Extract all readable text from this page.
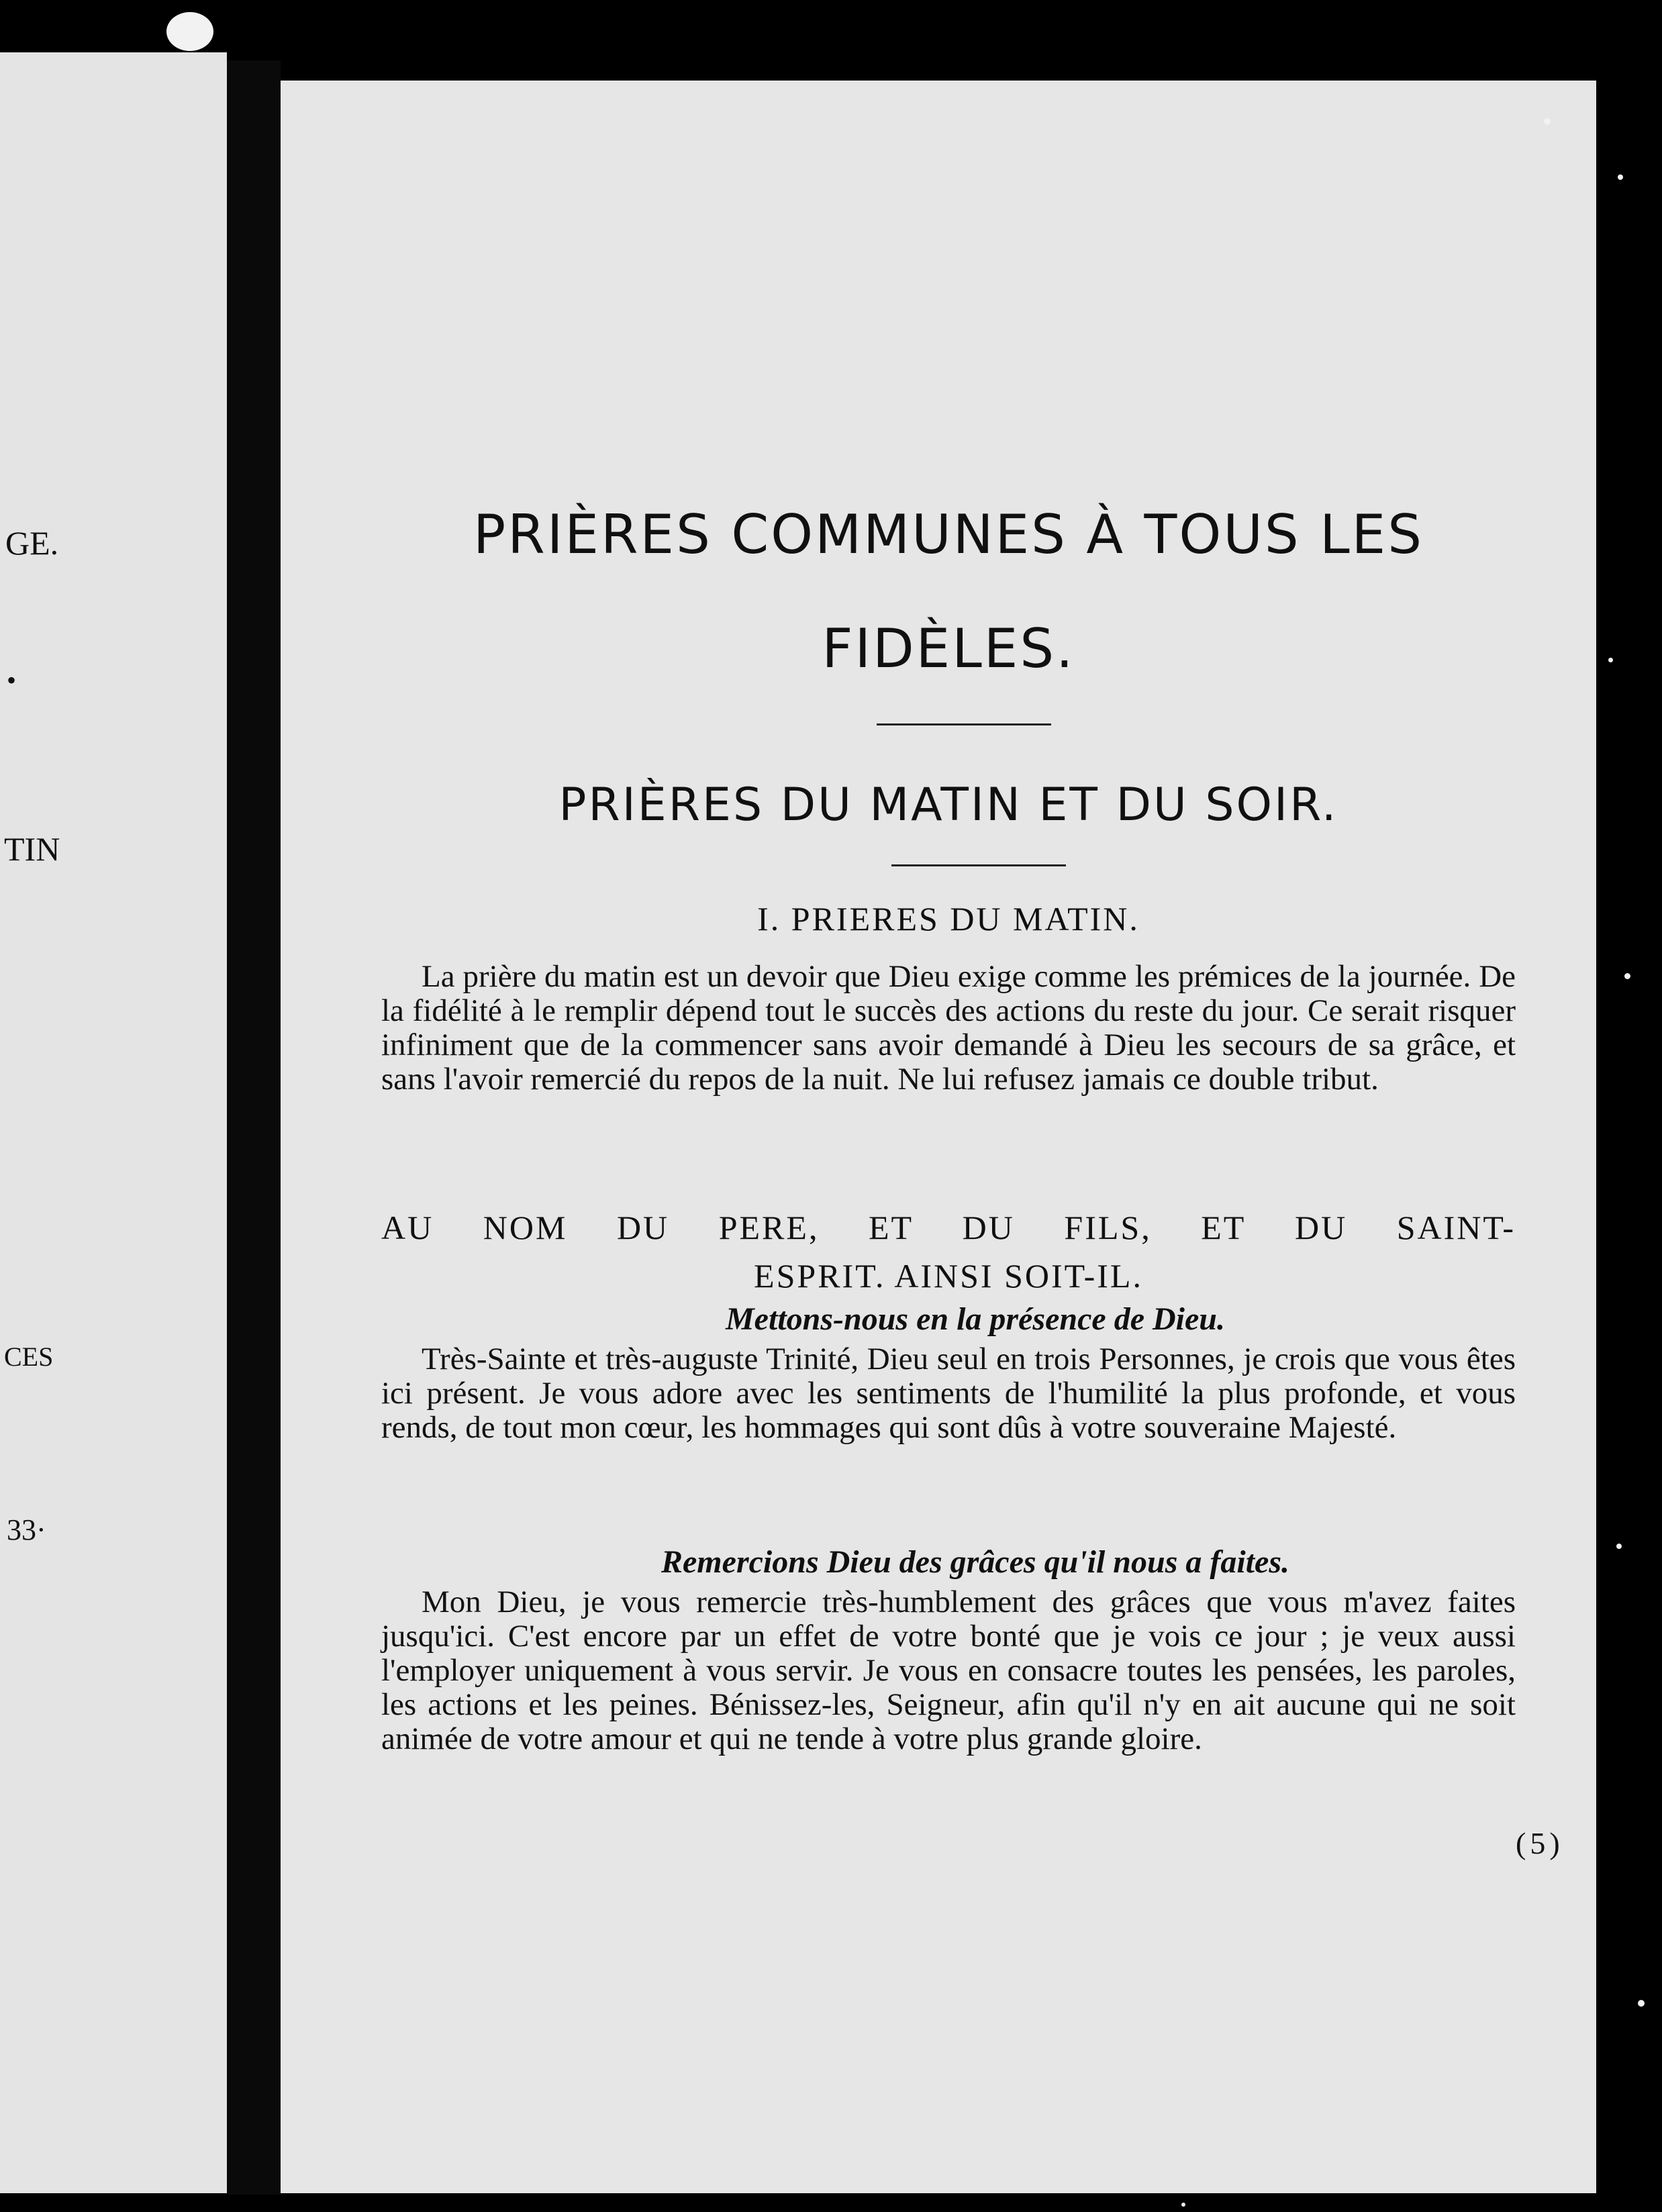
GE.
•
TIN
CES
33·
PRIÈRES COMMUNES À TOUS LES
FIDÈLES.
PRIÈRES DU MATIN ET DU SOIR.
I. PRIERES DU MATIN.

La prière du matin est un devoir que Dieu exige comme les prémices de la journée. De la fidélité à le remplir dépend tout le succès des actions du reste du jour. Ce serait risquer infiniment que de la commencer sans avoir demandé à Dieu les secours de sa grâce, et sans l'avoir remercié du repos de la nuit. Ne lui refusez jamais ce double tribut.

AU NOM DU PERE, ET DU FILS, ET DU SAINT-
ESPRIT. AINSI SOIT-IL.
Mettons-nous en la présence de Dieu.

Très-Sainte et très-auguste Trinité, Dieu seul en trois Personnes, je crois que vous êtes ici présent. Je vous adore avec les sentiments de l'humilité la plus profonde, et vous rends, de tout mon cœur, les hommages qui sont dûs à votre souveraine Majesté.

Remercions Dieu des grâces qu'il nous a faites.

Mon Dieu, je vous remercie très-humblement des grâces que vous m'avez faites jusqu'ici. C'est encore par un effet de votre bonté que je vois ce jour ; je veux aussi l'employer uniquement à vous servir. Je vous en consacre toutes les pensées, les paroles, les actions et les peines. Bénissez-les, Seigneur, afin qu'il n'y en ait aucune qui ne soit animée de votre amour et qui ne tende à votre plus grande gloire.

(5)
